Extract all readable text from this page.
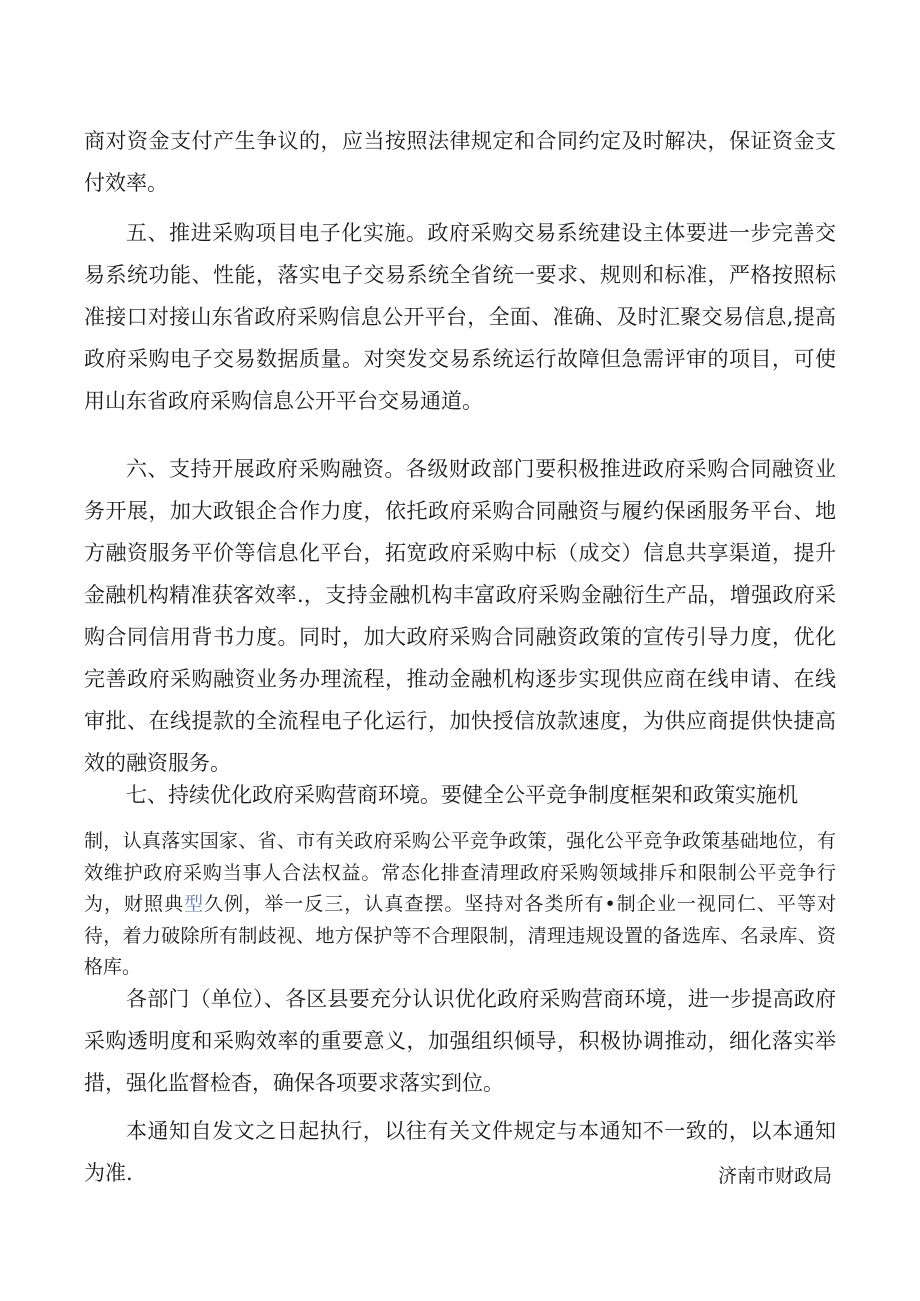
商对资金支付产生争议的，应当按照法律规定和合同约定及时解决，保证资金支付效率。

五、推进采购项目电子化实施。政府采购交易系统建设主体要进一步完善交易系统功能、性能，落实电子交易系统全省统一要求、规则和标准，严格按照标准接口对接山东省政府采购信息公开平台，全面、准确、及时汇聚交易信息,提高政府采购电子交易数据质量。对突发交易系统运行故障但急需评审的项目，可使用山东省政府采购信息公开平台交易通道。

六、支持开展政府采购融资。各级财政部门要积极推进政府采购合同融资业务开展，加大政银企合作力度，依托政府采购合同融资与履约保函服务平台、地方融资服务平价等信息化平台，拓宽政府采购中标（成交）信息共享渠道，提升金融机构精准获客效率.，支持金融机构丰富政府采购金融衍生产品，增强政府采购合同信用背书力度。同时，加大政府采购合同融资政策的宣传引导力度，优化完善政府采购融资业务办理流程，推动金融机构逐步实现供应商在线申请、在线审批、在线提款的全流程电子化运行，加快授信放款速度，为供应商提供快捷高效的融资服务。

七、持续优化政府采购营商环境。要健全公平竞争制度框架和政策实施机

制，认真落实国家、省、市有关政府采购公平竞争政策，强化公平竞争政策基础地位，有效维护政府采购当事人合法权益。常态化排查清理政府采购领域排斥和限制公平竞争行为，财照典型久例，举一反三，认真查摆。坚持对各类所有•制企业一视同仁、平等对待，着力破除所有制歧视、地方保护等不合理限制，清理违规设置的备选库、名录库、资格库。

各部门（单位）、各区县要充分认识优化政府采购营商环境，进一步提高政府采购透明度和采购效率的重要意义，加强组织倾导，积极协调推动，细化落实举措，强化监督检杳，确保各项要求落实到位。

本通知自发文之日起执行，以往有关文件规定与本通知不一致的，以本通知为准.	济南市财政局
